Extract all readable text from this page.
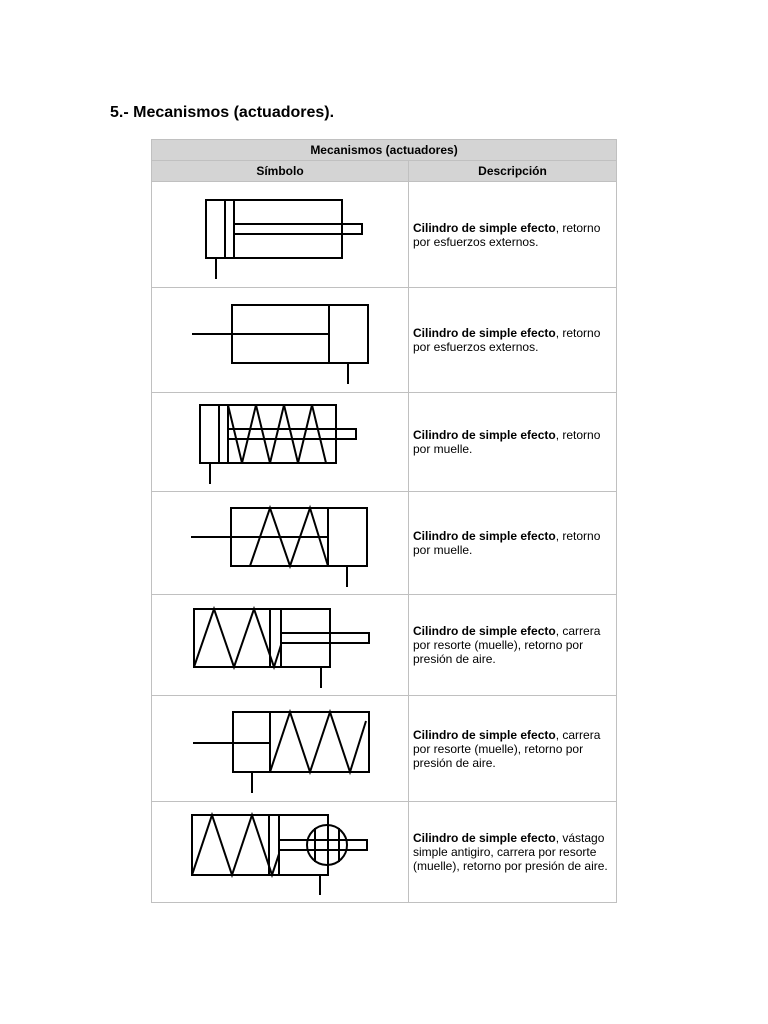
5.- Mecanismos (actuadores).
Mecanismos (actuadores)	
Símbolo	Descripción

	Cilindro de simple efecto, retorno por esfuerzos externos.

	Cilindro de simple efecto, retorno por esfuerzos externos.

	Cilindro de simple efecto, retorno por muelle.

	Cilindro de simple efecto, retorno por muelle.

	Cilindro de simple efecto, carrera por resorte (muelle), retorno por presión de aire.

	Cilindro de simple efecto, carrera por resorte (muelle), retorno por presión de aire.

	Cilindro de simple efecto, vástago simple antigiro, carrera por resorte (muelle), retorno por presión de aire.
